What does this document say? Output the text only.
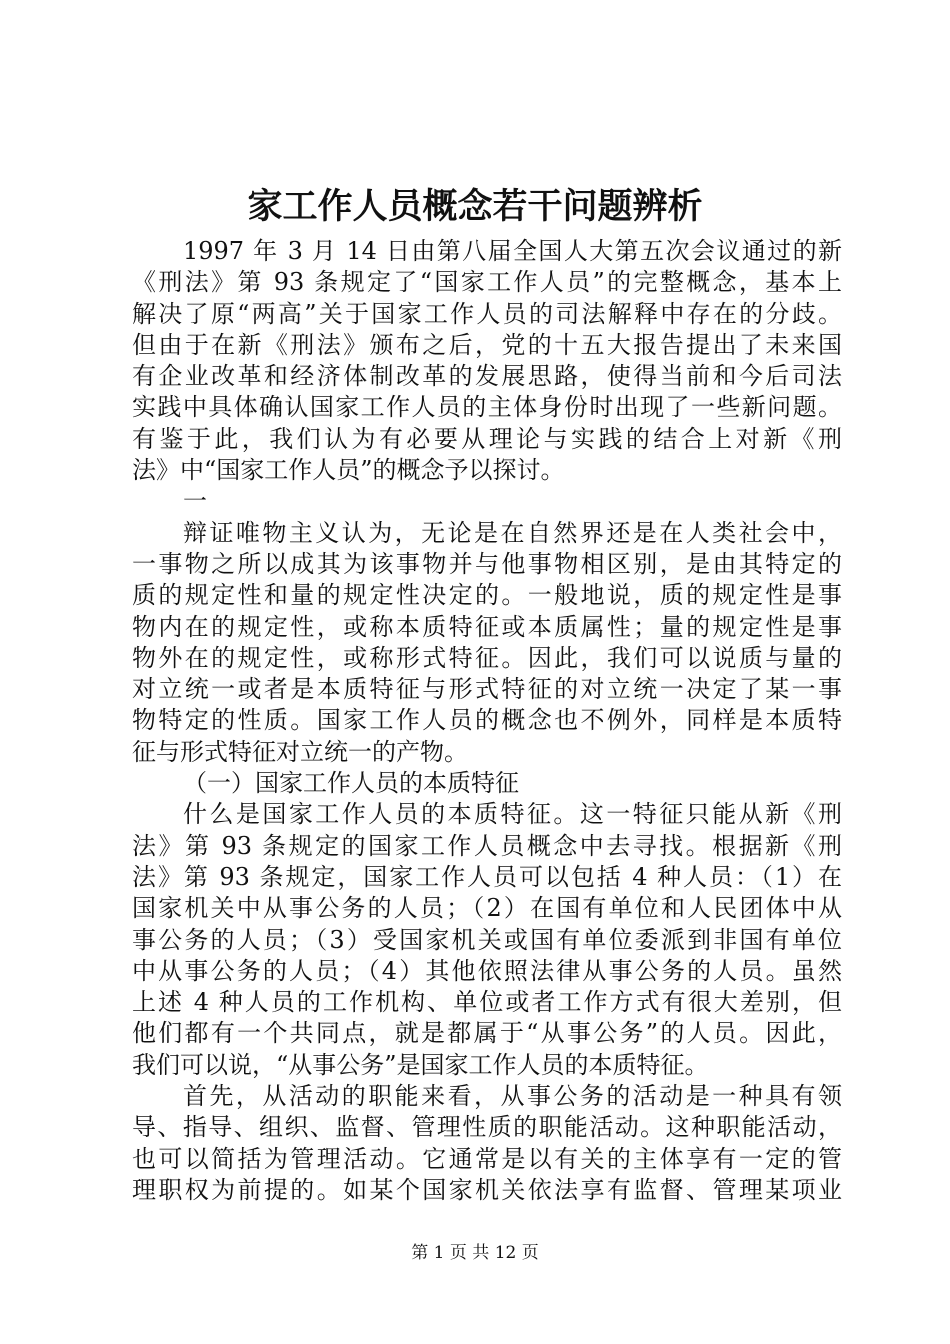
家工作人员概念若干问题辨析
1997 年 3 月 14 日由第八届全国人大第五次会议通过的新
《刑法》第 93 条规定了“国家工作人员”的完整概念，基本上
解决了原“两高”关于国家工作人员的司法解释中存在的分歧。
但由于在新《刑法》颁布之后，党的十五大报告提出了未来国
有企业改革和经济体制改革的发展思路，使得当前和今后司法
实践中具体确认国家工作人员的主体身份时出现了一些新问题。
有鉴于此，我们认为有必要从理论与实践的结合上对新《刑
法》中“国家工作人员”的概念予以探讨。
一
辩证唯物主义认为，无论是在自然界还是在人类社会中，
一事物之所以成其为该事物并与他事物相区别，是由其特定的
质的规定性和量的规定性决定的。一般地说，质的规定性是事
物内在的规定性，或称本质特征或本质属性；量的规定性是事
物外在的规定性，或称形式特征。因此，我们可以说质与量的
对立统一或者是本质特征与形式特征的对立统一决定了某一事
物特定的性质。国家工作人员的概念也不例外，同样是本质特
征与形式特征对立统一的产物。
（一）国家工作人员的本质特征
什么是国家工作人员的本质特征。这一特征只能从新《刑
法》第 93 条规定的国家工作人员概念中去寻找。根据新《刑
法》第 93 条规定，国家工作人员可以包括 4 种人员：（1）在
国家机关中从事公务的人员；（2）在国有单位和人民团体中从
事公务的人员；（3）受国家机关或国有单位委派到非国有单位
中从事公务的人员；（4）其他依照法律从事公务的人员。虽然
上述 4 种人员的工作机构、单位或者工作方式有很大差别，但
他们都有一个共同点，就是都属于“从事公务”的人员。因此，
我们可以说，“从事公务”是国家工作人员的本质特征。
首先，从活动的职能来看，从事公务的活动是一种具有领
导、指导、组织、监督、管理性质的职能活动。这种职能活动，
也可以简括为管理活动。它通常是以有关的主体享有一定的管
理职权为前提的。如某个国家机关依法享有监督、管理某项业
第 1 页 共 12 页
